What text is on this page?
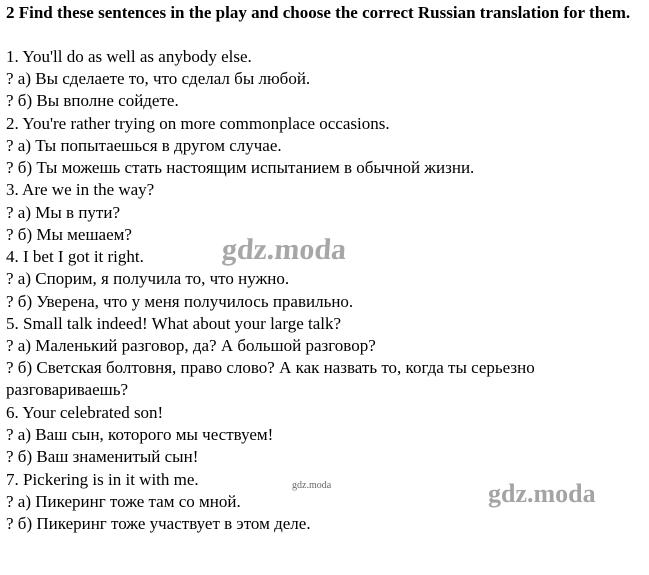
2 Find these sentences in the play and choose the correct Russian translation for them.
1. You'll do as well as anybody else.
? а) Вы сделаете то, что сделал бы любой.
? б) Вы вполне сойдете.
2. You're rather trying on more commonplace occasions.
? а) Ты попытаешься в другом случае.
? б) Ты можешь стать настоящим испытанием в обычной жизни.
3. Are we in the way?
? а) Мы в пути?
? б) Мы мешаем?
4. I bet I got it right.
? а) Спорим, я получила то, что нужно.
? б) Уверена, что у меня получилось правильно.
5. Small talk indeed! What about your large talk?
? а) Маленький разговор, да? А большой разговор?
? б) Светская болтовня, право слово? А как назвать то, когда ты серьезно разговариваешь?
6. Your celebrated son!
? а) Ваш сын, которого мы чествуем!
? б) Ваш знаменитый сын!
7. Pickering is in it with me.
? а) Пикеринг тоже там со мной.
? б) Пикеринг тоже участвует в этом деле.
gdz.moda
gdz.moda	gdz.moda
